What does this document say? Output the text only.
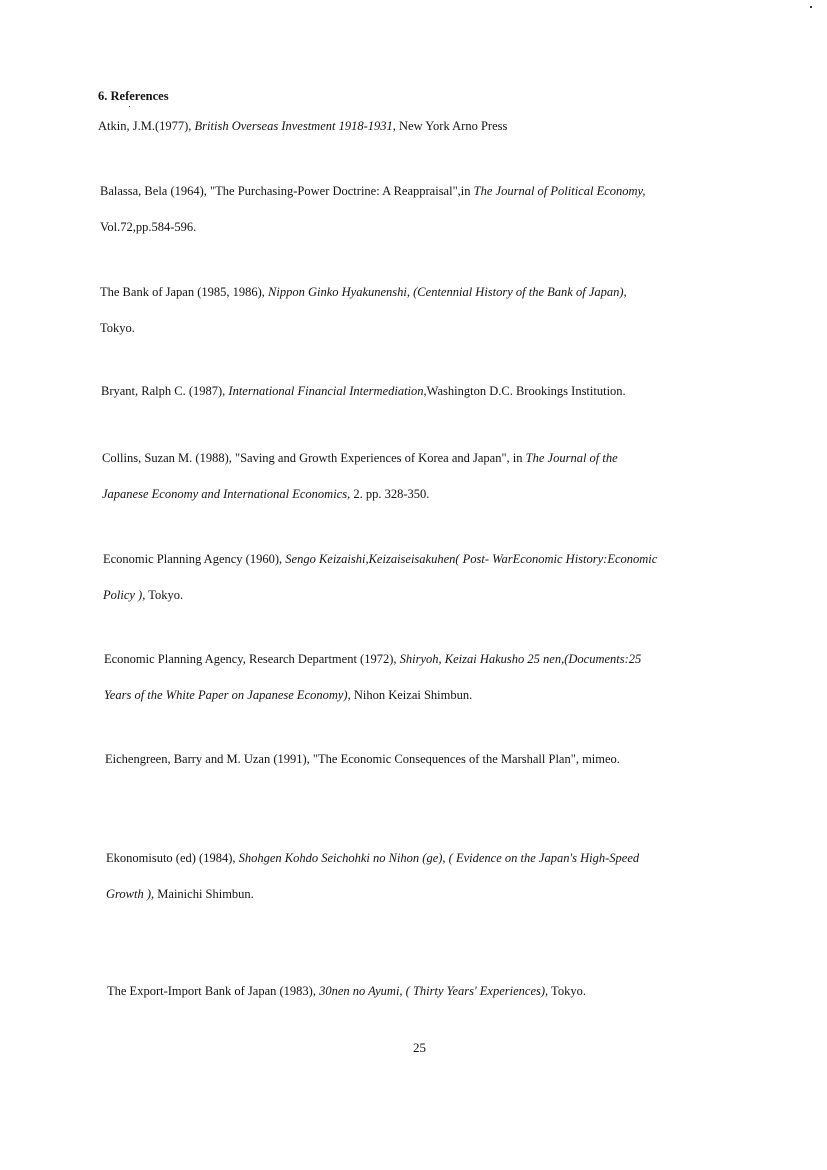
6. References
Atkin, J.M.(1977), British Overseas Investment 1918-1931, New York Arno Press
Balassa, Bela (1964), "The Purchasing-Power Doctrine: A Reappraisal",in The Journal of Political Economy,
Vol.72,pp.584-596.
The Bank of Japan (1985, 1986), Nippon Ginko Hyakunenshi, (Centennial History of the Bank of Japan),
Tokyo.
Bryant, Ralph C. (1987), International Financial Intermediation,Washington D.C. Brookings Institution.
Collins, Suzan M. (1988), "Saving and Growth Experiences of Korea and Japan", in The Journal of the
Japanese Economy and International Economics, 2. pp. 328-350.
Economic Planning Agency (1960), Sengo Keizaishi,Keizaiseisakuhen( Post- WarEconomic History:Economic
Policy ), Tokyo.
Economic Planning Agency, Research Department (1972), Shiryoh, Keizai Hakusho 25 nen,(Documents:25
Years of the White Paper on Japanese Economy), Nihon Keizai Shimbun.
Eichengreen, Barry and M. Uzan (1991), "The Economic Consequences of the Marshall Plan", mimeo.
Ekonomisuto (ed) (1984), Shohgen Kohdo Seichohki no Nihon (ge), ( Evidence on the Japan's High-Speed
Growth ), Mainichi Shimbun.
The Export-Import Bank of Japan (1983), 30nen no Ayumi, ( Thirty Years' Experiences), Tokyo.
25
